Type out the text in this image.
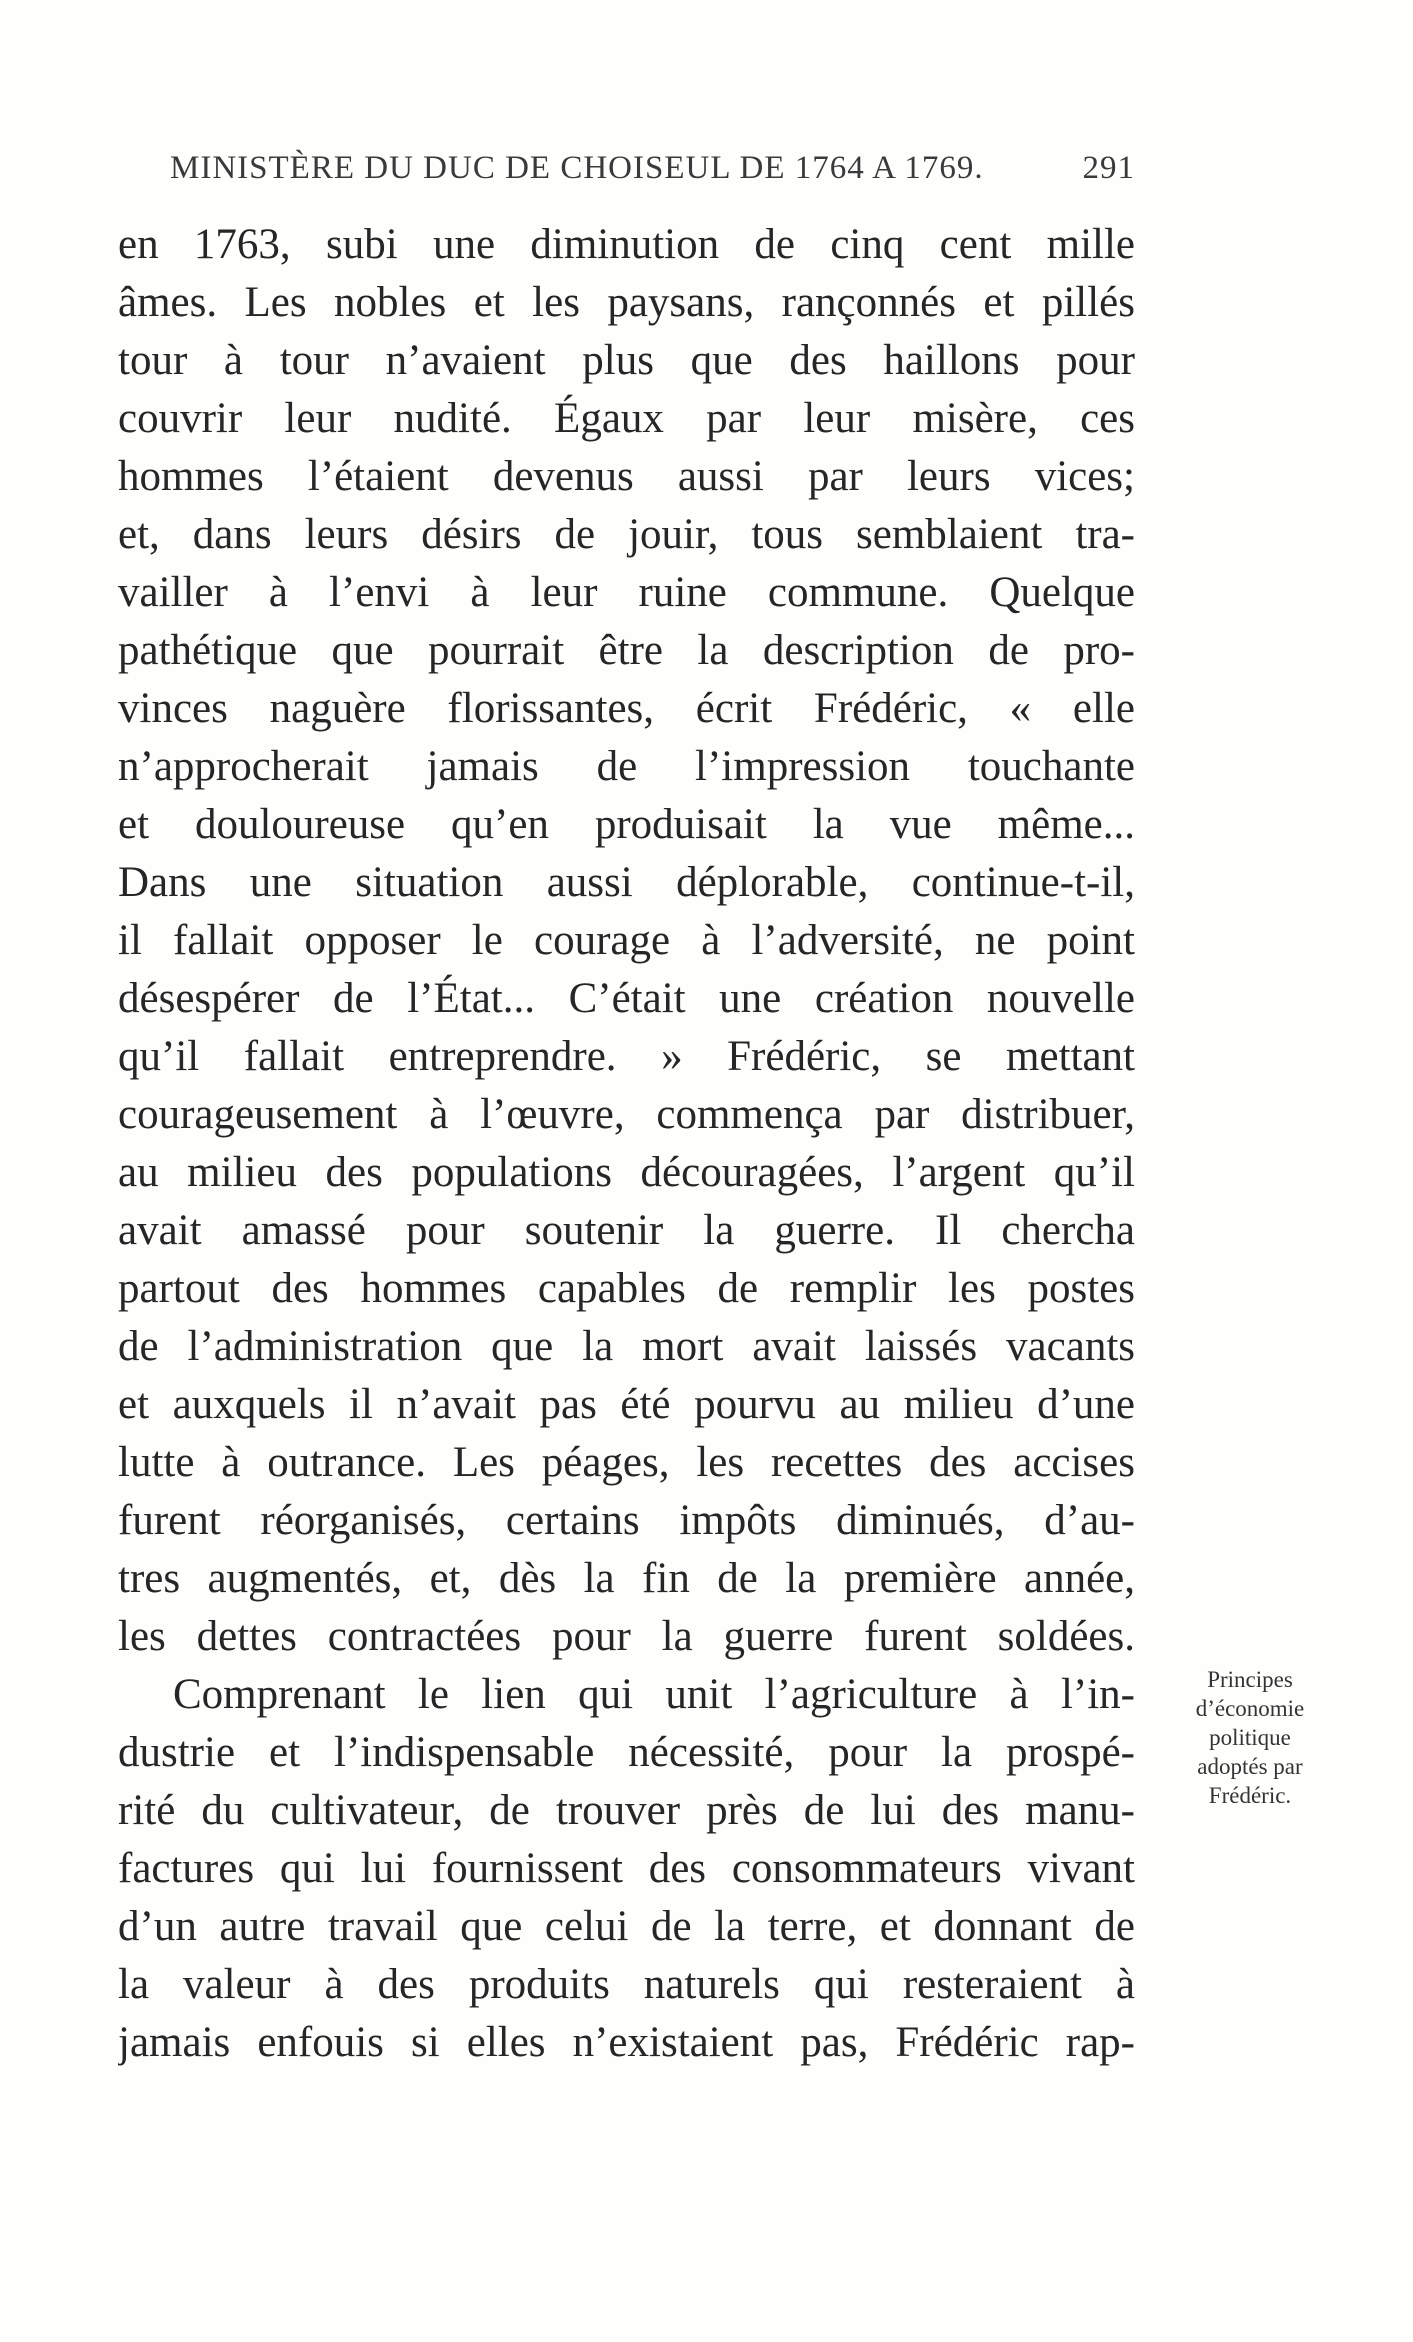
MINISTÈRE DU DUC DE CHOISEUL DE 1764 A 1769.	291
en 1763, subi une diminution de cinq cent mille
âmes. Les nobles et les paysans, rançonnés et pillés
tour à tour n’avaient plus que des haillons pour
couvrir leur nudité. Égaux par leur misère, ces
hommes l’étaient devenus aussi par leurs vices;
et, dans leurs désirs de jouir, tous semblaient tra-
vailler à l’envi à leur ruine commune. Quelque
pathétique que pourrait être la description de pro-
vinces naguère florissantes, écrit Frédéric, « elle
n’approcherait jamais de l’impression touchante
et douloureuse qu’en produisait la vue même...
Dans une situation aussi déplorable, continue-t-il,
il fallait opposer le courage à l’adversité, ne point
désespérer de l’État... C’était une création nouvelle
qu’il fallait entreprendre. » Frédéric, se mettant
courageusement à l’œuvre, commença par distribuer,
au milieu des populations découragées, l’argent qu’il
avait amassé pour soutenir la guerre. Il chercha
partout des hommes capables de remplir les postes
de l’administration que la mort avait laissés vacants
et auxquels il n’avait pas été pourvu au milieu d’une
lutte à outrance. Les péages, les recettes des accises
furent réorganisés, certains impôts diminués, d’au-
tres augmentés, et, dès la fin de la première année,
les dettes contractées pour la guerre furent soldées.
Comprenant le lien qui unit l’agriculture à l’in-
dustrie et l’indispensable nécessité, pour la prospé-
rité du cultivateur, de trouver près de lui des manu-
factures qui lui fournissent des consommateurs vivant
d’un autre travail que celui de la terre, et donnant de
la valeur à des produits naturels qui resteraient à
jamais enfouis si elles n’existaient pas, Frédéric rap-
Principes
d’économie
politique
adoptés par
Frédéric.
